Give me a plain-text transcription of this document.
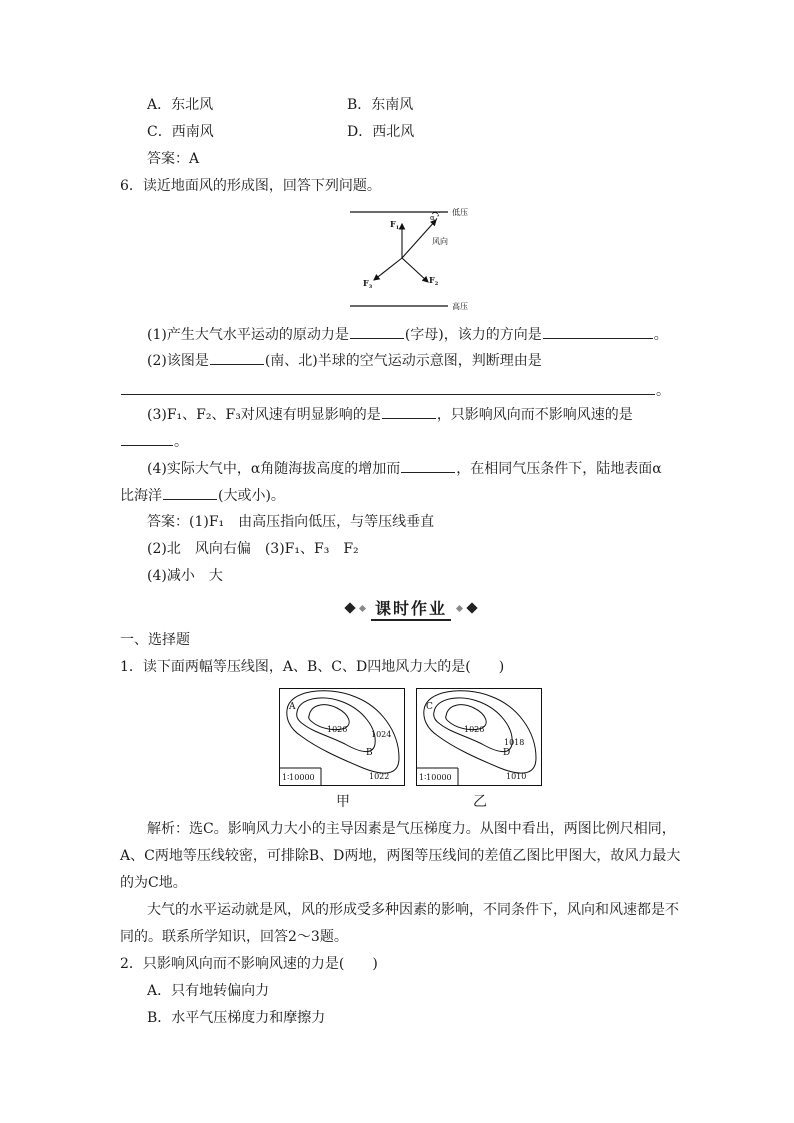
A．东北风	B．东南风
C．西南风	D．西北风
答案：A
6．读近地面风的形成图，回答下列问题。
低压
高压
α
$F_1$
风向
$F_2$
$F_3$
(1)产生大气水平运动的原动力是	(字母)，该力的方向是	。
(2)该图是	(南、北)半球的空气运动示意图，判断理由是
。
(3)F₁、F₂、F₃对风速有明显影响的是	，只影响风向而不影响风速的是
。
(4)实际大气中，α角随海拔高度的增加而	，在相同气压条件下，陆地表面α
比海洋	(大或小)。
答案：(1)F₁　由高压指向低压，与等压线垂直
(2)北　风向右偏　(3)F₁、F₃　F₂
(4)减小　大
课时作业
一、选择题
1．读下面两幅等压线图，A、B、C、D四地风力大的是(　　)
A
B
1026
1024
1022
1∶10000
甲
C
D
1026
1018
1010
1∶10000
乙
解析：选C。影响风力大小的主导因素是气压梯度力。从图中看出，两图比例尺相同，
A、C两地等压线较密，可排除B、D两地，两图等压线间的差值乙图比甲图大，故风力最大
的为C地。
大气的水平运动就是风，风的形成受多种因素的影响，不同条件下，风向和风速都是不
同的。联系所学知识，回答2～3题。
2．只影响风向而不影响风速的力是(　　)
A．只有地转偏向力
B．水平气压梯度力和摩擦力
